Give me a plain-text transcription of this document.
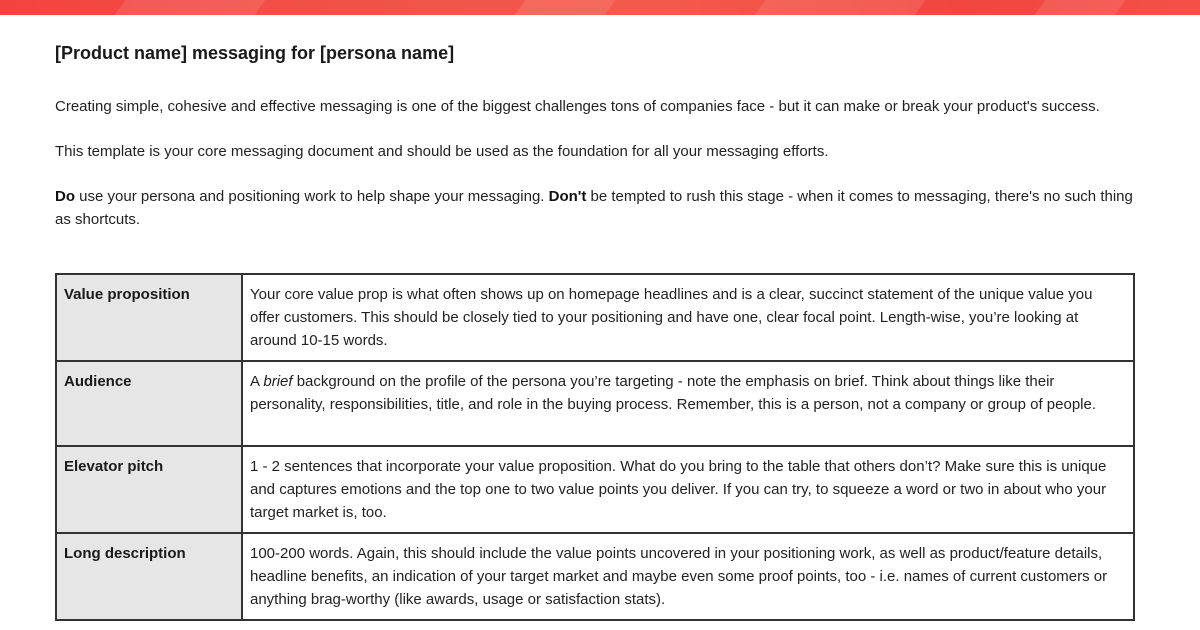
[Product name] messaging for [persona name]

Creating simple, cohesive and effective messaging is one of the biggest challenges tons of companies face - but it can make or break your product's success.

This template is your core messaging document and should be used as the foundation for all your messaging efforts.

Do use your persona and positioning work to help shape your messaging. Don't be tempted to rush this stage - when it comes to messaging, there's no such thing as shortcuts.

Value proposition	Your core value prop is what often shows up on homepage headlines and is a clear, succinct statement of the unique value you offer customers. This should be closely tied to your positioning and have one, clear focal point. Length-wise, you’re looking at around 10-15 words.
Audience	A brief background on the profile of the persona you’re targeting - note the emphasis on brief. Think about things like their personality, responsibilities, title, and role in the buying process. Remember, this is a person, not a company or group of people.
Elevator pitch	1 - 2 sentences that incorporate your value proposition. What do you bring to the table that others don’t? Make sure this is unique and captures emotions and the top one to two value points you deliver. If you can try, to squeeze a word or two in about who your target market is, too.
Long description	100-200 words. Again, this should include the value points uncovered in your positioning work, as well as product/feature details, headline benefits, an indication of your target market and maybe even some proof points, too - i.e. names of current customers or anything brag-worthy (like awards, usage or satisfaction stats).
